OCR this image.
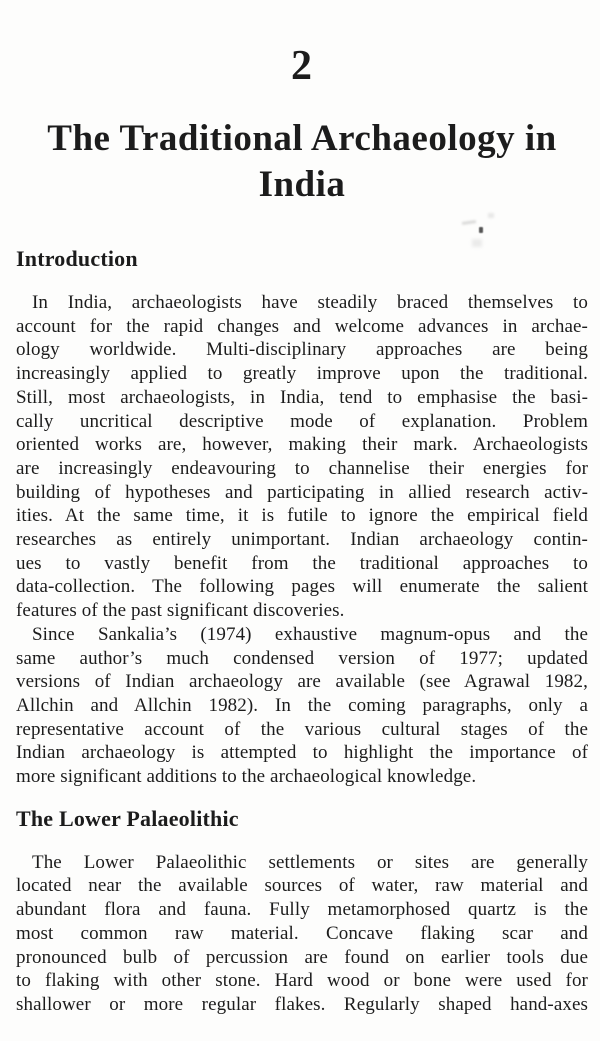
2
The Traditional Archaeology in
India
Introduction
In India, archaeologists have steadily braced themselves to
account for the rapid changes and welcome advances in archae-
ology worldwide. Multi-disciplinary approaches are being
increasingly applied to greatly improve upon the traditional.
Still, most archaeologists, in India, tend to emphasise the basi-
cally uncritical descriptive mode of explanation. Problem
oriented works are, however, making their mark. Archaeologists
are increasingly endeavouring to channelise their energies for
building of hypotheses and participating in allied research activ-
ities. At the same time, it is futile to ignore the empirical field
researches as entirely unimportant. Indian archaeology contin-
ues to vastly benefit from the traditional approaches to
data-collection. The following pages will enumerate the salient
features of the past significant discoveries.
Since Sankalia’s (1974) exhaustive magnum-opus and the
same author’s much condensed version of 1977; updated
versions of Indian archaeology are available (see Agrawal 1982,
Allchin and Allchin 1982). In the coming paragraphs, only a
representative account of the various cultural stages of the
Indian archaeology is attempted to highlight the importance of
more significant additions to the archaeological knowledge.
The Lower Palaeolithic
The Lower Palaeolithic settlements or sites are generally
located near the available sources of water, raw material and
abundant flora and fauna. Fully metamorphosed quartz is the
most common raw material. Concave flaking scar and
pronounced bulb of percussion are found on earlier tools due
to flaking with other stone. Hard wood or bone were used for
shallower or more regular flakes. Regularly shaped hand-axes
